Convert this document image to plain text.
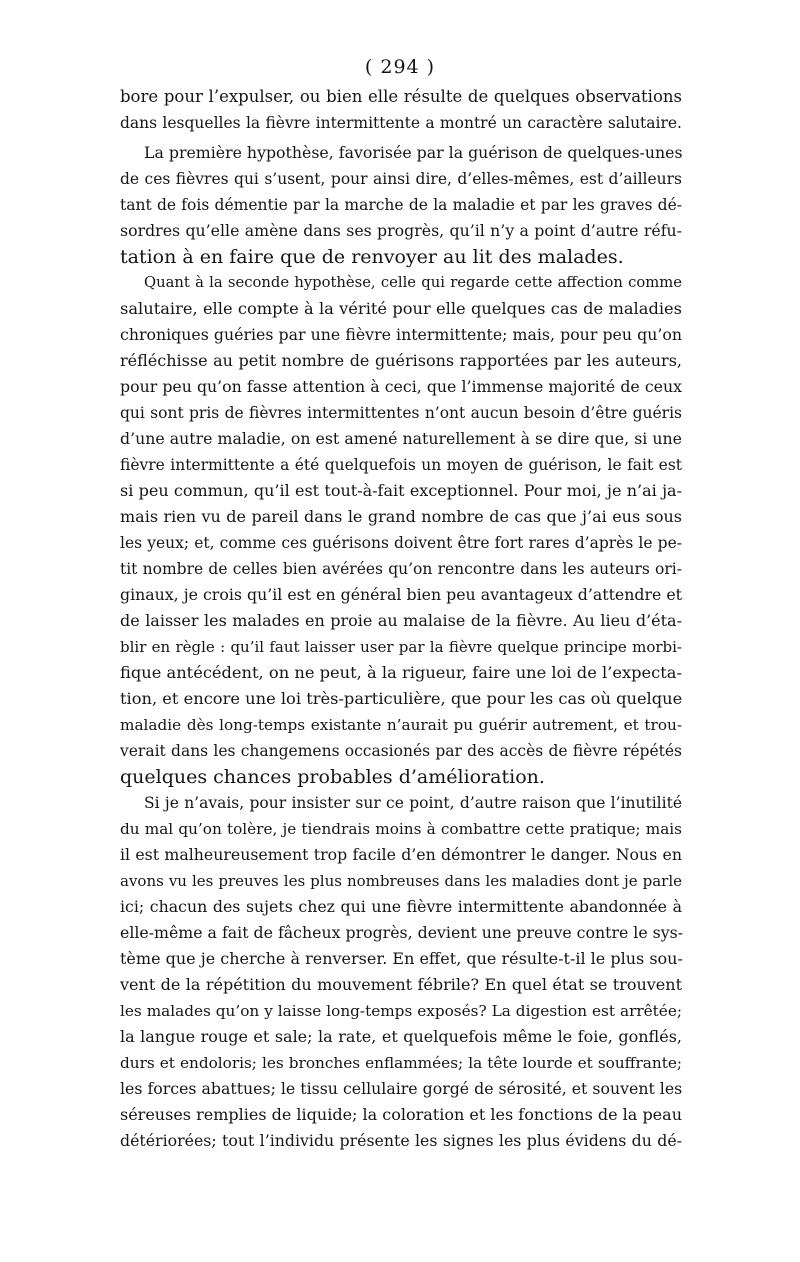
( 294 )
bore pour l’expulser, ou bien elle résulte de quelques observations
dans lesquelles la fièvre intermittente a montré un caractère salutaire.
La première hypothèse, favorisée par la guérison de quelques-unes
de ces fièvres qui s’usent, pour ainsi dire, d’elles-mêmes, est d’ailleurs
tant de fois démentie par la marche de la maladie et par les graves dé-
sordres qu’elle amène dans ses progrès, qu’il n’y a point d’autre réfu-
tation à en faire que de renvoyer au lit des malades.
Quant à la seconde hypothèse, celle qui regarde cette affection comme
salutaire, elle compte à la vérité pour elle quelques cas de maladies
chroniques guéries par une fièvre intermittente; mais, pour peu qu’on
réfléchisse au petit nombre de guérisons rapportées par les auteurs,
pour peu qu’on fasse attention à ceci, que l’immense majorité de ceux
qui sont pris de fièvres intermittentes n’ont aucun besoin d’être guéris
d’une autre maladie, on est amené naturellement à se dire que, si une
fièvre intermittente a été quelquefois un moyen de guérison, le fait est
si peu commun, qu’il est tout-à-fait exceptionnel. Pour moi, je n’ai ja-
mais rien vu de pareil dans le grand nombre de cas que j’ai eus sous
les yeux; et, comme ces guérisons doivent être fort rares d’après le pe-
tit nombre de celles bien avérées qu’on rencontre dans les auteurs ori-
ginaux, je crois qu’il est en général bien peu avantageux d’attendre et
de laisser les malades en proie au malaise de la fièvre. Au lieu d’éta-
blir en règle : qu’il faut laisser user par la fièvre quelque principe morbi-
fique antécédent, on ne peut, à la rigueur, faire une loi de l’expecta-
tion, et encore une loi très-particulière, que pour les cas où quelque
maladie dès long-temps existante n’aurait pu guérir autrement, et trou-
verait dans les changemens occasionés par des accès de fièvre répétés
quelques chances probables d’amélioration.
Si je n’avais, pour insister sur ce point, d’autre raison que l’inutilité
du mal qu’on tolère, je tiendrais moins à combattre cette pratique; mais
il est malheureusement trop facile d’en démontrer le danger. Nous en
avons vu les preuves les plus nombreuses dans les maladies dont je parle
ici; chacun des sujets chez qui une fièvre intermittente abandonnée à
elle-même a fait de fâcheux progrès, devient une preuve contre le sys-
tème que je cherche à renverser. En effet, que résulte-t-il le plus sou-
vent de la répétition du mouvement fébrile? En quel état se trouvent
les malades qu’on y laisse long-temps exposés? La digestion est arrêtée;
la langue rouge et sale; la rate, et quelquefois même le foie, gonflés,
durs et endoloris; les bronches enflammées; la tête lourde et souffrante;
les forces abattues; le tissu cellulaire gorgé de sérosité, et souvent les
séreuses remplies de liquide; la coloration et les fonctions de la peau
détériorées; tout l’individu présente les signes les plus évidens du dé-
